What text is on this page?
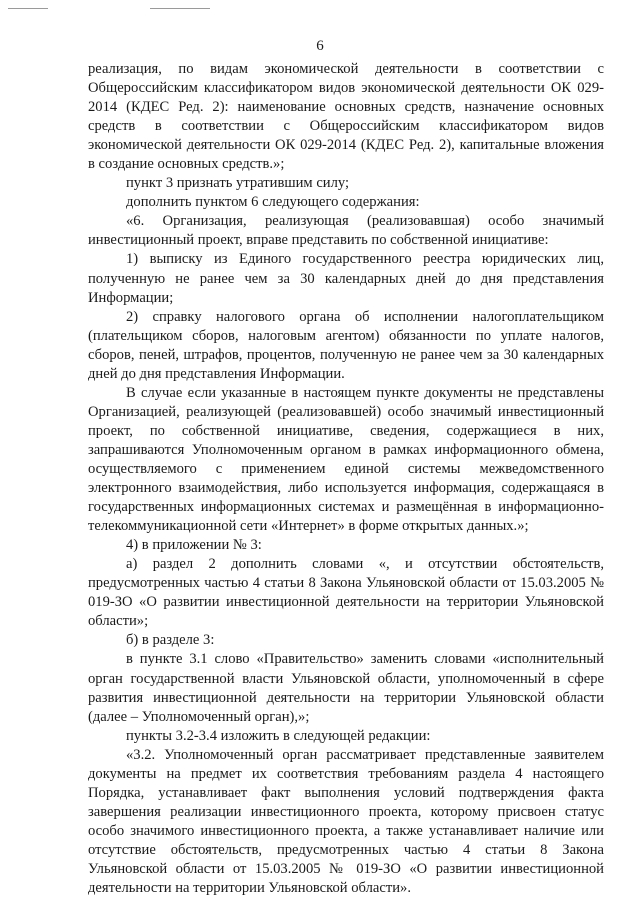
6

реализация, по видам экономической деятельности в соответствии с Общероссийским классификатором видов экономической деятельности ОК 029-2014 (КДЕС Ред. 2): наименование основных средств, назначение основных средств в соответствии с Общероссийским классификатором видов экономической деятельности ОК 029-2014 (КДЕС Ред. 2), капитальные вложения в создание основных средств.»;

пункт 3 признать утратившим силу;

дополнить пунктом 6 следующего содержания:

«6. Организация, реализующая (реализовавшая) особо значимый инвестиционный проект, вправе представить по собственной инициативе:

1) выписку из Единого государственного реестра юридических лиц, полученную не ранее чем за 30 календарных дней до дня представления Информации;

2) справку налогового органа об исполнении налогоплательщиком (плательщиком сборов, налоговым агентом) обязанности по уплате налогов, сборов, пеней, штрафов, процентов, полученную не ранее чем за 30 календарных дней до дня представления Информации.

В случае если указанные в настоящем пункте документы не представлены Организацией, реализующей (реализовавшей) особо значимый инвестиционный проект, по собственной инициативе, сведения, содержащиеся в них, запрашиваются Уполномоченным органом в рамках информационного обмена, осуществляемого с применением единой системы межведомственного электронного взаимодействия, либо используется информация, содержащаяся в государственных информационных системах и размещённая в информационно-телекоммуникационной сети «Интернет» в форме открытых данных.»;

4) в приложении № 3:

а) раздел 2 дополнить словами «, и отсутствии обстоятельств, предусмотренных частью 4 статьи 8 Закона Ульяновской области от 15.03.2005 № 019-ЗО «О развитии инвестиционной деятельности на территории Ульяновской области»;

б) в разделе 3:

в пункте 3.1 слово «Правительство» заменить словами «исполнительный орган государственной власти Ульяновской области, уполномоченный в сфере развития инвестиционной деятельности на территории Ульяновской области (далее – Уполномоченный орган),»;

пункты 3.2-3.4 изложить в следующей редакции:

«3.2. Уполномоченный орган рассматривает представленные заявителем документы на предмет их соответствия требованиям раздела 4 настоящего Порядка, устанавливает факт выполнения условий подтверждения факта завершения реализации инвестиционного проекта, которому присвоен статус особо значимого инвестиционного проекта, а также устанавливает наличие или отсутствие обстоятельств, предусмотренных частью 4 статьи 8 Закона Ульяновской области от 15.03.2005 № 019-ЗО «О развитии инвестиционной деятельности на территории Ульяновской области».
